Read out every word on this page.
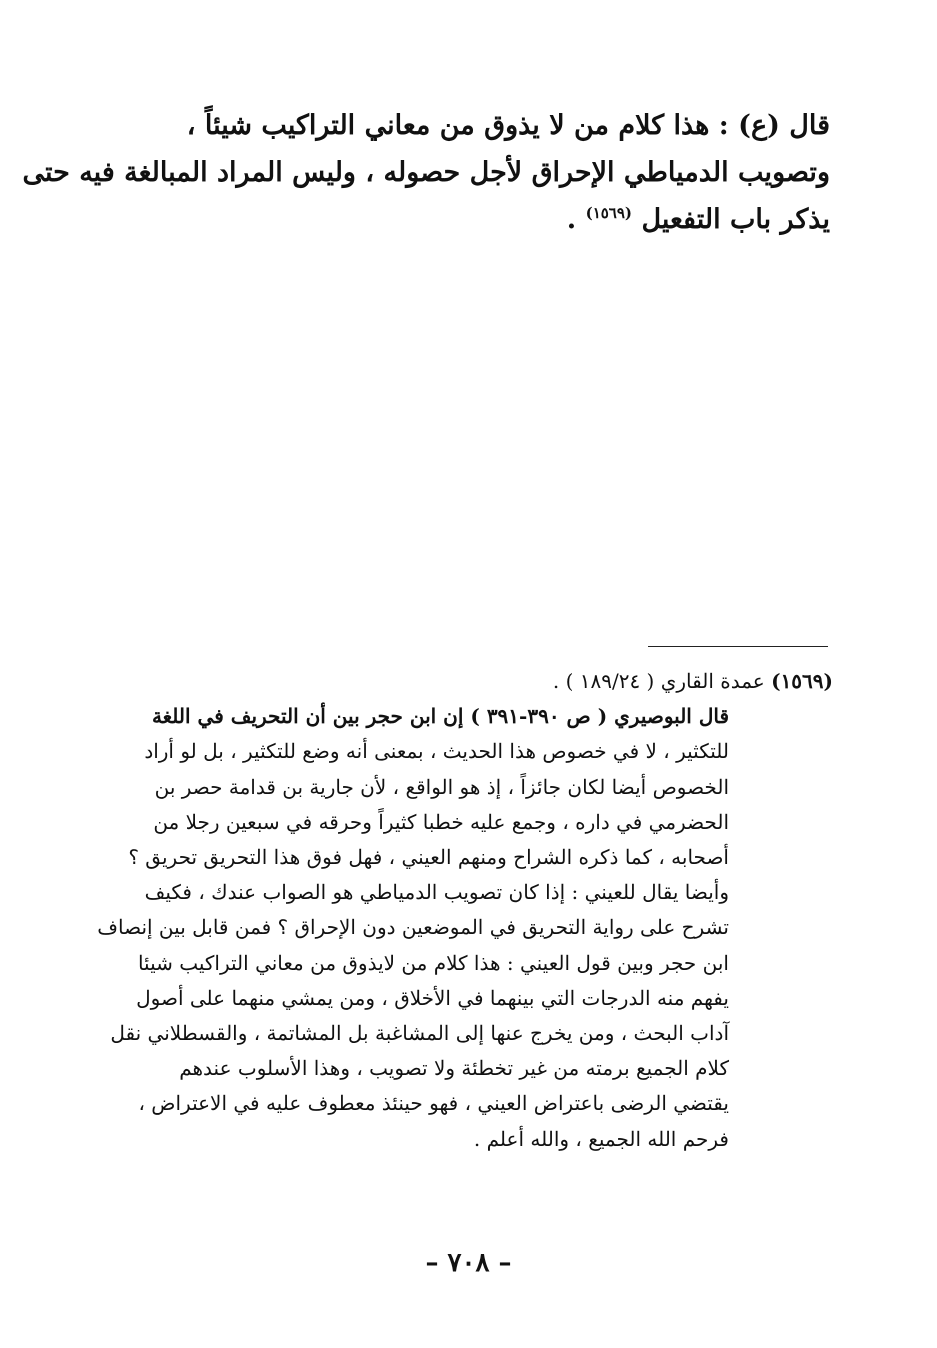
قال (ع) : هذا كلام من لا يذوق من معاني التراكيب شيئاً ،
وتصويب الدمياطي الإحراق لأجل حصوله ، وليس المراد المبالغة فيه حتى
يذكر باب التفعيل $^{(١٥٦٩)}$ .
(١٥٦٩) عمدة القاري ( ١٨٩/٢٤ ) .
قال البوصيري ( ص ٣٩٠-٣٩١ ) إن ابن حجر بين أن التحريف في اللغة
للتكثير ، لا في خصوص هذا الحديث ، بمعنى أنه وضع للتكثير ، بل لو أراد
الخصوص أيضا لكان جائزاً ، إذ هو الواقع ، لأن جارية بن قدامة حصر بن
الحضرمي في داره ، وجمع عليه خطبا كثيراً وحرقه في سبعين رجلا من
أصحابه ، كما ذكره الشراح ومنهم العيني ، فهل فوق هذا التحريق تحريق ؟
وأيضا يقال للعيني : إذا كان تصويب الدمياطي هو الصواب عندك ، فكيف
تشرح على رواية التحريق في الموضعين دون الإحراق ؟ فمن قابل بين إنصاف
ابن حجر وبين قول العيني : هذا كلام من لايذوق من معاني التراكيب شيئا
يفهم منه الدرجات التي بينهما في الأخلاق ، ومن يمشي منهما على أصول
آداب البحث ، ومن يخرج عنها إلى المشاغبة بل المشاتمة ، والقسطلاني نقل
كلام الجميع برمته من غير تخطئة ولا تصويب ، وهذا الأسلوب عندهم
يقتضي الرضى باعتراض العيني ، فهو حينئذ معطوف عليه في الاعتراض ،
فرحم الله الجميع ، والله أعلم .
– ٧٠٨ –
